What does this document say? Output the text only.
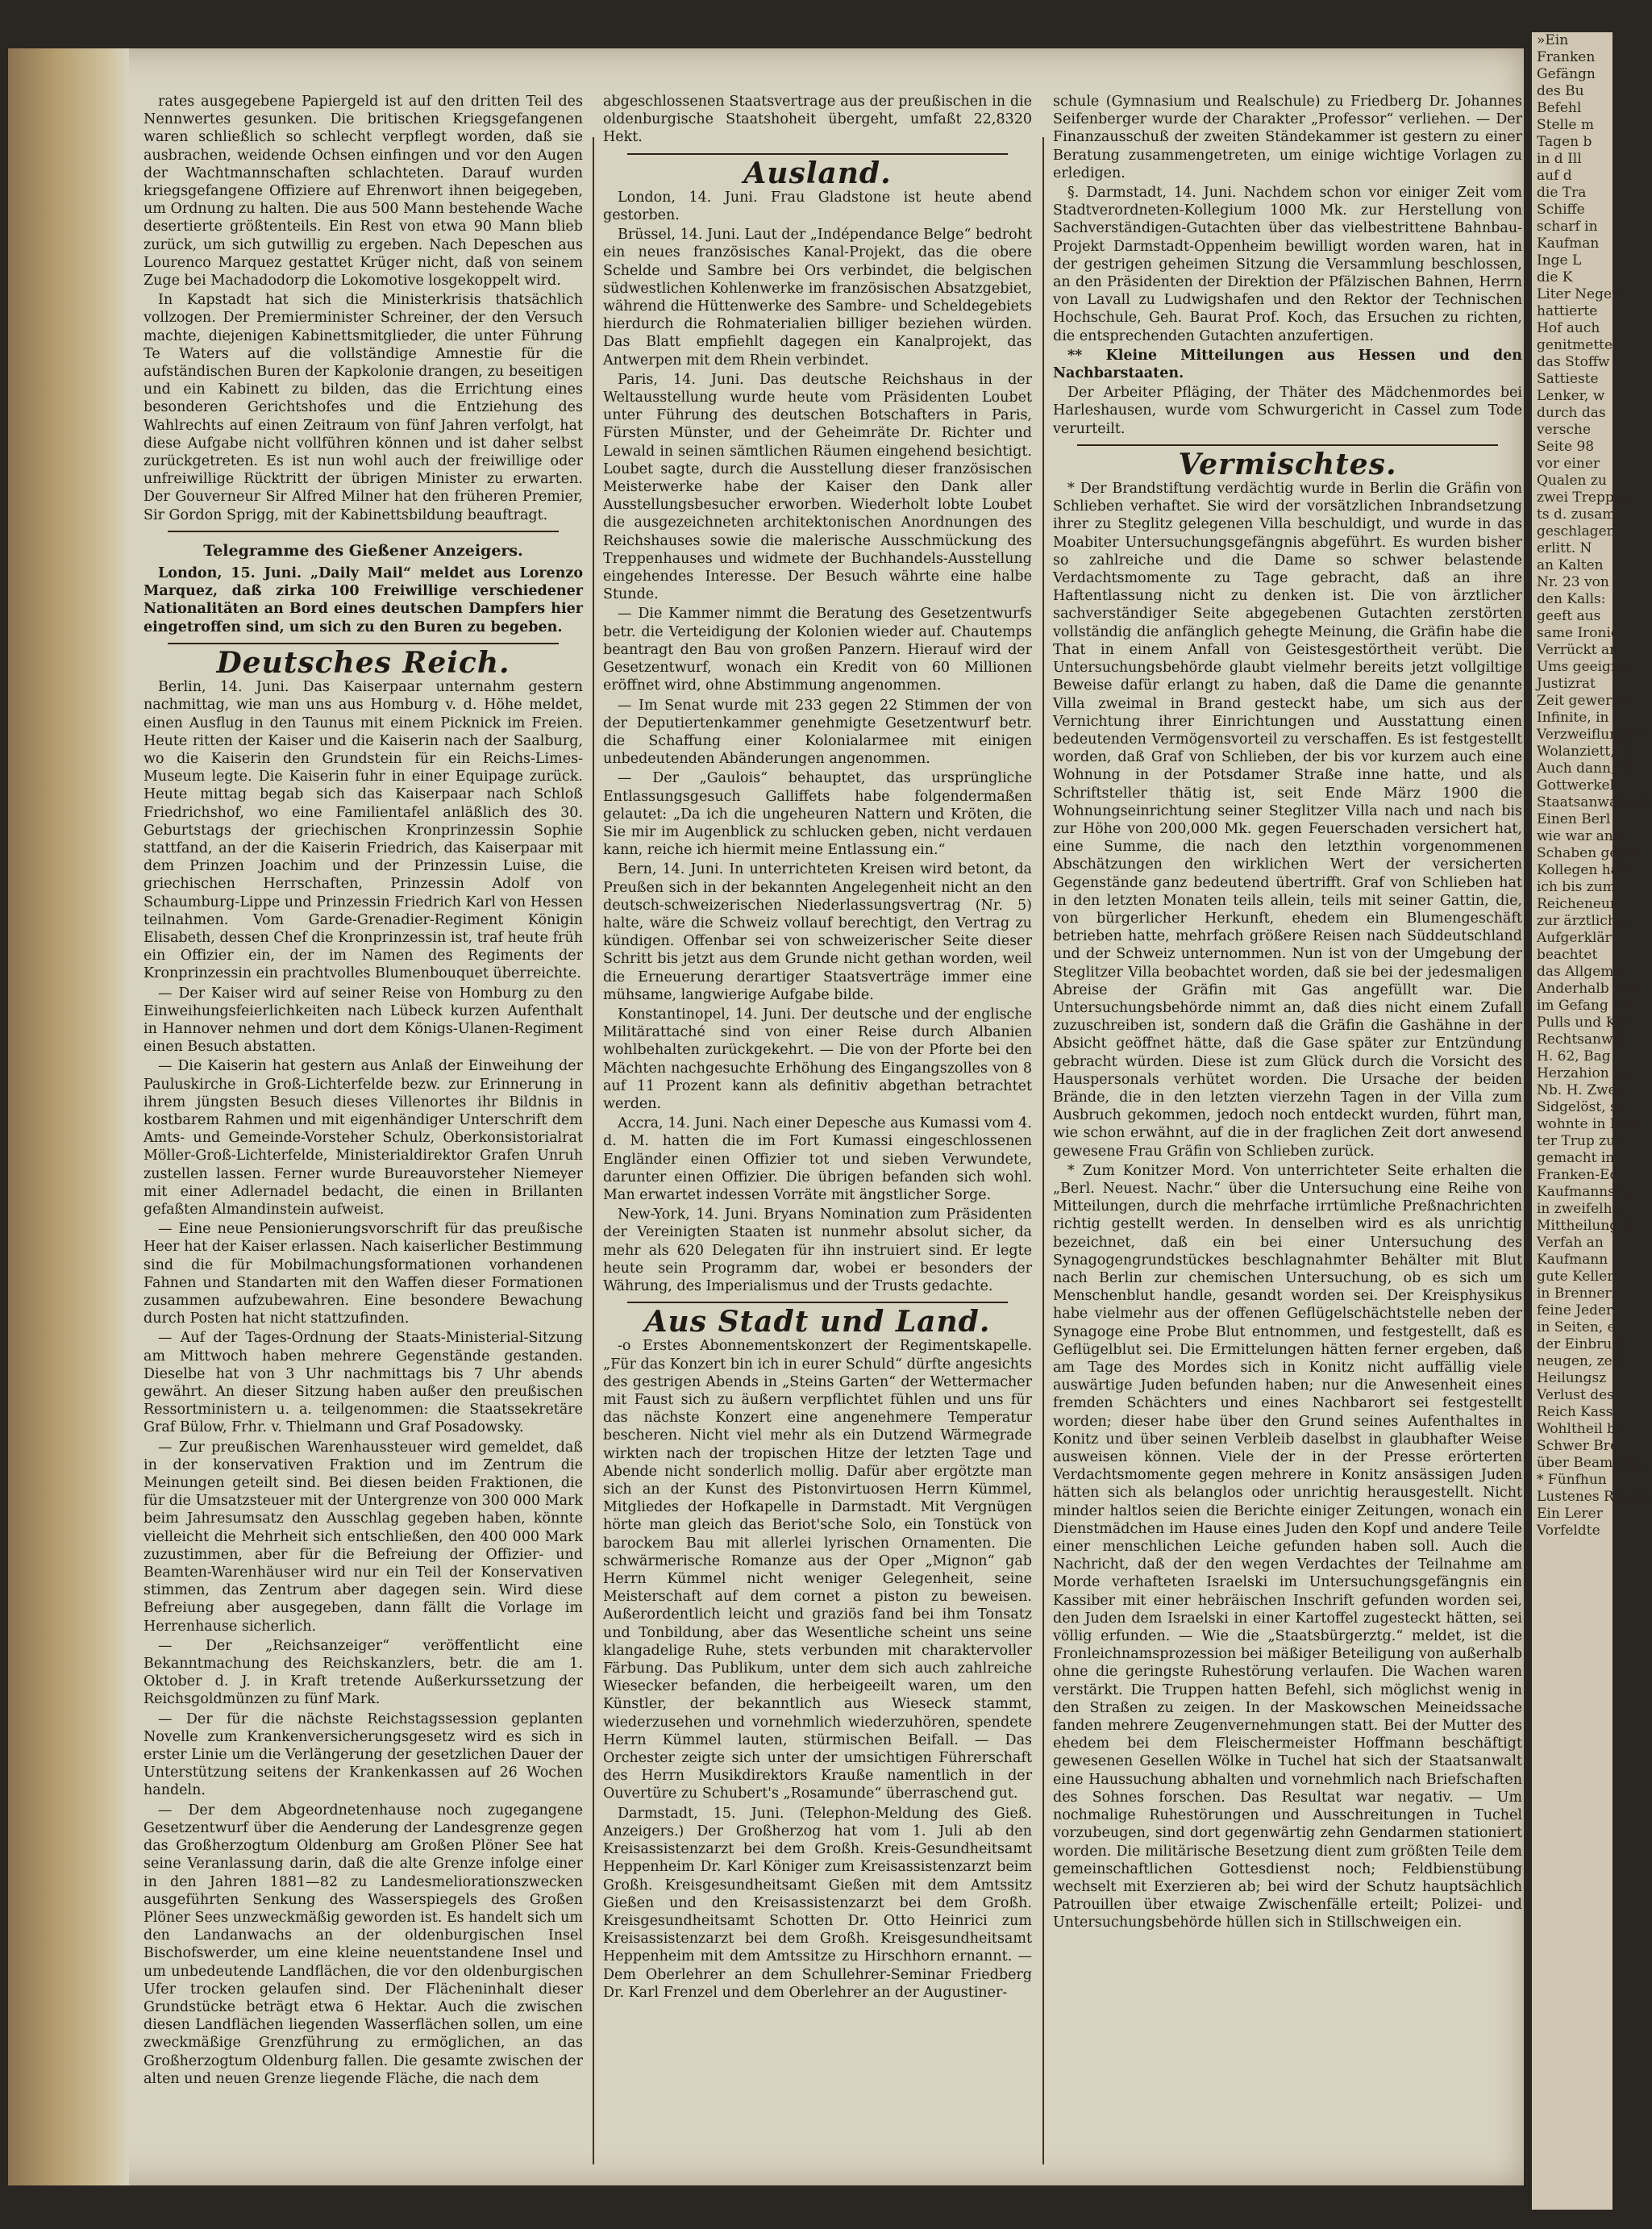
rates ausgegebene Papiergeld ist auf den dritten Teil des Nennwertes gesunken. Die britischen Kriegsgefangenen waren schließlich so schlecht verpflegt worden, daß sie ausbrachen, weidende Ochsen einfingen und vor den Augen der Wachtmannschaften schlachteten. Darauf wurden kriegsgefangene Offiziere auf Ehrenwort ihnen beigegeben, um Ordnung zu halten. Die aus 500 Mann bestehende Wache desertierte größtenteils. Ein Rest von etwa 90 Mann blieb zurück, um sich gutwillig zu ergeben. Nach Depeschen aus Lourenco Marquez gestattet Krüger nicht, daß von seinem Zuge bei Machadodorp die Lokomotive losgekoppelt wird.

In Kapstadt hat sich die Ministerkrisis thatsächlich vollzogen. Der Premierminister Schreiner, der den Versuch machte, diejenigen Kabinettsmitglieder, die unter Führung Te Waters auf die vollständige Amnestie für die aufständischen Buren der Kapkolonie drangen, zu beseitigen und ein Kabinett zu bilden, das die Errichtung eines besonderen Gerichtshofes und die Entziehung des Wahlrechts auf einen Zeitraum von fünf Jahren verfolgt, hat diese Aufgabe nicht vollführen können und ist daher selbst zurückgetreten. Es ist nun wohl auch der freiwillige oder unfreiwillige Rücktritt der übrigen Minister zu erwarten. Der Gouverneur Sir Alfred Milner hat den früheren Premier, Sir Gordon Sprigg, mit der Kabinettsbildung beauftragt.

Telegramme des Gießener Anzeigers.

London, 15. Juni. „Daily Mail“ meldet aus Lorenzo Marquez, daß zirka 100 Freiwillige verschiedener Nationalitäten an Bord eines deutschen Dampfers hier eingetroffen sind, um sich zu den Buren zu begeben.

Deutsches Reich.

Berlin, 14. Juni. Das Kaiserpaar unternahm gestern nachmittag, wie man uns aus Homburg v. d. Höhe meldet, einen Ausflug in den Taunus mit einem Picknick im Freien. Heute ritten der Kaiser und die Kaiserin nach der Saalburg, wo die Kaiserin den Grundstein für ein Reichs-Limes-Museum legte. Die Kaiserin fuhr in einer Equipage zurück. Heute mittag begab sich das Kaiserpaar nach Schloß Friedrichshof, wo eine Familientafel anläßlich des 30. Geburtstags der griechischen Kronprinzessin Sophie stattfand, an der die Kaiserin Friedrich, das Kaiserpaar mit dem Prinzen Joachim und der Prinzessin Luise, die griechischen Herrschaften, Prinzessin Adolf von Schaumburg-Lippe und Prinzessin Friedrich Karl von Hessen teilnahmen. Vom Garde-Grenadier-Regiment Königin Elisabeth, dessen Chef die Kronprinzessin ist, traf heute früh ein Offizier ein, der im Namen des Regiments der Kronprinzessin ein prachtvolles Blumenbouquet überreichte.

— Der Kaiser wird auf seiner Reise von Homburg zu den Einweihungsfeierlichkeiten nach Lübeck kurzen Aufenthalt in Hannover nehmen und dort dem Königs-Ulanen-Regiment einen Besuch abstatten.

— Die Kaiserin hat gestern aus Anlaß der Einweihung der Pauluskirche in Groß-Lichterfelde bezw. zur Erinnerung in ihrem jüngsten Besuch dieses Villenortes ihr Bildnis in kostbarem Rahmen und mit eigenhändiger Unterschrift dem Amts- und Gemeinde-Vorsteher Schulz, Oberkonsistorialrat Möller-Groß-Lichterfelde, Ministerialdirektor Grafen Unruh zustellen lassen. Ferner wurde Bureauvorsteher Niemeyer mit einer Adlernadel bedacht, die einen in Brillanten gefaßten Almandinstein aufweist.

— Eine neue Pensionierungsvorschrift für das preußische Heer hat der Kaiser erlassen. Nach kaiserlicher Bestimmung sind die für Mobilmachungsformationen vorhandenen Fahnen und Standarten mit den Waffen dieser Formationen zusammen aufzubewahren. Eine besondere Bewachung durch Posten hat nicht stattzufinden.

— Auf der Tages-Ordnung der Staats-Ministerial-Sitzung am Mittwoch haben mehrere Gegenstände gestanden. Dieselbe hat von 3 Uhr nachmittags bis 7 Uhr abends gewährt. An dieser Sitzung haben außer den preußischen Ressortministern u. a. teilgenommen: die Staatssekretäre Graf Bülow, Frhr. v. Thielmann und Graf Posadowsky.

— Zur preußischen Warenhaussteuer wird gemeldet, daß in der konservativen Fraktion und im Zentrum die Meinungen geteilt sind. Bei diesen beiden Fraktionen, die für die Umsatzsteuer mit der Untergrenze von 300 000 Mark beim Jahresumsatz den Ausschlag gegeben haben, könnte vielleicht die Mehrheit sich entschließen, den 400 000 Mark zuzustimmen, aber für die Befreiung der Offizier- und Beamten-Warenhäuser wird nur ein Teil der Konservativen stimmen, das Zentrum aber dagegen sein. Wird diese Befreiung aber ausgegeben, dann fällt die Vorlage im Herrenhause sicherlich.

— Der „Reichsanzeiger“ veröffentlicht eine Bekanntmachung des Reichskanzlers, betr. die am 1. Oktober d. J. in Kraft tretende Außerkurssetzung der Reichsgoldmünzen zu fünf Mark.

— Der für die nächste Reichstagssession geplanten Novelle zum Krankenversicherungsgesetz wird es sich in erster Linie um die Verlängerung der gesetzlichen Dauer der Unterstützung seitens der Krankenkassen auf 26 Wochen handeln.

— Der dem Abgeordnetenhause noch zugegangene Gesetzentwurf über die Aenderung der Landesgrenze gegen das Großherzogtum Oldenburg am Großen Plöner See hat seine Veranlassung darin, daß die alte Grenze infolge einer in den Jahren 1881—82 zu Landesmeliorationszwecken ausgeführten Senkung des Wasserspiegels des Großen Plöner Sees unzweckmäßig geworden ist. Es handelt sich um den Landanwachs an der oldenburgischen Insel Bischofswerder, um eine kleine neuentstandene Insel und um unbedeutende Landflächen, die vor den oldenburgischen Ufer trocken gelaufen sind. Der Flächeninhalt dieser Grundstücke beträgt etwa 6 Hektar. Auch die zwischen diesen Landflächen liegenden Wasserflächen sollen, um eine zweckmäßige Grenzführung zu ermöglichen, an das Großherzogtum Oldenburg fallen. Die gesamte zwischen der alten und neuen Grenze liegende Fläche, die nach dem

abgeschlossenen Staatsvertrage aus der preußischen in die oldenburgische Staatshoheit übergeht, umfaßt 22,8320 Hekt.

Ausland.

London, 14. Juni. Frau Gladstone ist heute abend gestorben.

Brüssel, 14. Juni. Laut der „Indépendance Belge“ bedroht ein neues französisches Kanal-Projekt, das die obere Schelde und Sambre bei Ors verbindet, die belgischen südwestlichen Kohlenwerke im französischen Absatzgebiet, während die Hüttenwerke des Sambre- und Scheldegebiets hierdurch die Rohmaterialien billiger beziehen würden. Das Blatt empfiehlt dagegen ein Kanalprojekt, das Antwerpen mit dem Rhein verbindet.

Paris, 14. Juni. Das deutsche Reichshaus in der Weltausstellung wurde heute vom Präsidenten Loubet unter Führung des deutschen Botschafters in Paris, Fürsten Münster, und der Geheimräte Dr. Richter und Lewald in seinen sämtlichen Räumen eingehend besichtigt. Loubet sagte, durch die Ausstellung dieser französischen Meisterwerke habe der Kaiser den Dank aller Ausstellungsbesucher erworben. Wiederholt lobte Loubet die ausgezeichneten architektonischen Anordnungen des Reichshauses sowie die malerische Ausschmückung des Treppenhauses und widmete der Buchhandels-Ausstellung eingehendes Interesse. Der Besuch währte eine halbe Stunde.

— Die Kammer nimmt die Beratung des Gesetzentwurfs betr. die Verteidigung der Kolonien wieder auf. Chautemps beantragt den Bau von großen Panzern. Hierauf wird der Gesetzentwurf, wonach ein Kredit von 60 Millionen eröffnet wird, ohne Abstimmung angenommen.

— Im Senat wurde mit 233 gegen 22 Stimmen der von der Deputiertenkammer genehmigte Gesetzentwurf betr. die Schaffung einer Kolonialarmee mit einigen unbedeutenden Abänderungen angenommen.

— Der „Gaulois“ behauptet, das ursprüngliche Entlassungsgesuch Galliffets habe folgendermaßen gelautet: „Da ich die ungeheuren Nattern und Kröten, die Sie mir im Augenblick zu schlucken geben, nicht verdauen kann, reiche ich hiermit meine Entlassung ein.“

Bern, 14. Juni. In unterrichteten Kreisen wird betont, da Preußen sich in der bekannten Angelegenheit nicht an den deutsch-schweizerischen Niederlassungsvertrag (Nr. 5) halte, wäre die Schweiz vollauf berechtigt, den Vertrag zu kündigen. Offenbar sei von schweizerischer Seite dieser Schritt bis jetzt aus dem Grunde nicht gethan worden, weil die Erneuerung derartiger Staatsverträge immer eine mühsame, langwierige Aufgabe bilde.

Konstantinopel, 14. Juni. Der deutsche und der englische Militärattaché sind von einer Reise durch Albanien wohlbehalten zurückgekehrt. — Die von der Pforte bei den Mächten nachgesuchte Erhöhung des Eingangszolles von 8 auf 11 Prozent kann als definitiv abgethan betrachtet werden.

Accra, 14. Juni. Nach einer Depesche aus Kumassi vom 4. d. M. hatten die im Fort Kumassi eingeschlossenen Engländer einen Offizier tot und sieben Verwundete, darunter einen Offizier. Die übrigen befanden sich wohl. Man erwartet indessen Vorräte mit ängstlicher Sorge.

New-York, 14. Juni. Bryans Nomination zum Präsidenten der Vereinigten Staaten ist nunmehr absolut sicher, da mehr als 620 Delegaten für ihn instruiert sind. Er legte heute sein Programm dar, wobei er besonders der Währung, des Imperialismus und der Trusts gedachte.

Aus Stadt und Land.

-o Erstes Abonnementskonzert der Regimentskapelle. „Für das Konzert bin ich in eurer Schuld“ dürfte angesichts des gestrigen Abends in „Steins Garten“ der Wettermacher mit Faust sich zu äußern verpflichtet fühlen und uns für das nächste Konzert eine angenehmere Temperatur bescheren. Nicht viel mehr als ein Dutzend Wärmegrade wirkten nach der tropischen Hitze der letzten Tage und Abende nicht sonderlich mollig. Dafür aber ergötzte man sich an der Kunst des Pistonvirtuosen Herrn Kümmel, Mitgliedes der Hofkapelle in Darmstadt. Mit Vergnügen hörte man gleich das Beriot'sche Solo, ein Tonstück von barockem Bau mit allerlei lyrischen Ornamenten. Die schwärmerische Romanze aus der Oper „Mignon“ gab Herrn Kümmel nicht weniger Gelegenheit, seine Meisterschaft auf dem cornet a piston zu beweisen. Außerordentlich leicht und graziös fand bei ihm Tonsatz und Tonbildung, aber das Wesentliche scheint uns seine klangadelige Ruhe, stets verbunden mit charaktervoller Färbung. Das Publikum, unter dem sich auch zahlreiche Wiesecker befanden, die herbeigeeilt waren, um den Künstler, der bekanntlich aus Wieseck stammt, wiederzusehen und vornehmlich wiederzuhören, spendete Herrn Kümmel lauten, stürmischen Beifall. — Das Orchester zeigte sich unter der umsichtigen Führerschaft des Herrn Musikdirektors Krauße namentlich in der Ouvertüre zu Schubert's „Rosamunde“ überraschend gut.

Darmstadt, 15. Juni. (Telephon-Meldung des Gieß. Anzeigers.) Der Großherzog hat vom 1. Juli ab den Kreisassistenzarzt bei dem Großh. Kreis-Gesundheitsamt Heppenheim Dr. Karl Königer zum Kreisassistenzarzt beim Großh. Kreisgesundheitsamt Gießen mit dem Amtssitz Gießen und den Kreisassistenzarzt bei dem Großh. Kreisgesundheitsamt Schotten Dr. Otto Heinrici zum Kreisassistenzarzt bei dem Großh. Kreisgesundheitsamt Heppenheim mit dem Amtssitze zu Hirschhorn ernannt. — Dem Oberlehrer an dem Schullehrer-Seminar Friedberg Dr. Karl Frenzel und dem Oberlehrer an der Augustiner-

schule (Gymnasium und Realschule) zu Friedberg Dr. Johannes Seifenberger wurde der Charakter „Professor“ verliehen. — Der Finanzausschuß der zweiten Ständekammer ist gestern zu einer Beratung zusammengetreten, um einige wichtige Vorlagen zu erledigen.

§. Darmstadt, 14. Juni. Nachdem schon vor einiger Zeit vom Stadtverordneten-Kollegium 1000 Mk. zur Herstellung von Sachverständigen-Gutachten über das vielbestrittene Bahnbau-Projekt Darmstadt-Oppenheim bewilligt worden waren, hat in der gestrigen geheimen Sitzung die Versammlung beschlossen, an den Präsidenten der Direktion der Pfälzischen Bahnen, Herrn von Lavall zu Ludwigshafen und den Rektor der Technischen Hochschule, Geh. Baurat Prof. Koch, das Ersuchen zu richten, die entsprechenden Gutachten anzufertigen.

** Kleine Mitteilungen aus Hessen und den Nachbarstaaten.

Der Arbeiter Pfläging, der Thäter des Mädchenmordes bei Harleshausen, wurde vom Schwurgericht in Cassel zum Tode verurteilt.

Vermischtes.

* Der Brandstiftung verdächtig wurde in Berlin die Gräfin von Schlieben verhaftet. Sie wird der vorsätzlichen Inbrandsetzung ihrer zu Steglitz gelegenen Villa beschuldigt, und wurde in das Moabiter Untersuchungsgefängnis abgeführt. Es wurden bisher so zahlreiche und die Dame so schwer belastende Verdachtsmomente zu Tage gebracht, daß an ihre Haftentlassung nicht zu denken ist. Die von ärztlicher sachverständiger Seite abgegebenen Gutachten zerstörten vollständig die anfänglich gehegte Meinung, die Gräfin habe die That in einem Anfall von Geistesgestörtheit verübt. Die Untersuchungsbehörde glaubt vielmehr bereits jetzt vollgiltige Beweise dafür erlangt zu haben, daß die Dame die genannte Villa zweimal in Brand gesteckt habe, um sich aus der Vernichtung ihrer Einrichtungen und Ausstattung einen bedeutenden Vermögensvorteil zu verschaffen. Es ist festgestellt worden, daß Graf von Schlieben, der bis vor kurzem auch eine Wohnung in der Potsdamer Straße inne hatte, und als Schriftsteller thätig ist, seit Ende März 1900 die Wohnungseinrichtung seiner Steglitzer Villa nach und nach bis zur Höhe von 200,000 Mk. gegen Feuerschaden versichert hat, eine Summe, die nach den letzthin vorgenommenen Abschätzungen den wirklichen Wert der versicherten Gegenstände ganz bedeutend übertrifft. Graf von Schlieben hat in den letzten Monaten teils allein, teils mit seiner Gattin, die, von bürgerlicher Herkunft, ehedem ein Blumengeschäft betrieben hatte, mehrfach größere Reisen nach Süddeutschland und der Schweiz unternommen. Nun ist von der Umgebung der Steglitzer Villa beobachtet worden, daß sie bei der jedesmaligen Abreise der Gräfin mit Gas angefüllt war. Die Untersuchungsbehörde nimmt an, daß dies nicht einem Zufall zuzuschreiben ist, sondern daß die Gräfin die Gashähne in der Absicht geöffnet hätte, daß die Gase später zur Entzündung gebracht würden. Diese ist zum Glück durch die Vorsicht des Hauspersonals verhütet worden. Die Ursache der beiden Brände, die in den letzten vierzehn Tagen in der Villa zum Ausbruch gekommen, jedoch noch entdeckt wurden, führt man, wie schon erwähnt, auf die in der fraglichen Zeit dort anwesend gewesene Frau Gräfin von Schlieben zurück.

* Zum Konitzer Mord. Von unterrichteter Seite erhalten die „Berl. Neuest. Nachr.“ über die Untersuchung eine Reihe von Mitteilungen, durch die mehrfache irrtümliche Preßnachrichten richtig gestellt werden. In denselben wird es als unrichtig bezeichnet, daß ein bei einer Untersuchung des Synagogengrundstückes beschlagnahmter Behälter mit Blut nach Berlin zur chemischen Untersuchung, ob es sich um Menschenblut handle, gesandt worden sei. Der Kreisphysikus habe vielmehr aus der offenen Geflügelschächtstelle neben der Synagoge eine Probe Blut entnommen, und festgestellt, daß es Geflügelblut sei. Die Ermittelungen hätten ferner ergeben, daß am Tage des Mordes sich in Konitz nicht auffällig viele auswärtige Juden befunden haben; nur die Anwesenheit eines fremden Schächters und eines Nachbarort sei festgestellt worden; dieser habe über den Grund seines Aufenthaltes in Konitz und über seinen Verbleib daselbst in glaubhafter Weise ausweisen können. Viele der in der Presse erörterten Verdachtsmomente gegen mehrere in Konitz ansässigen Juden hätten sich als belanglos oder unrichtig herausgestellt. Nicht minder haltlos seien die Berichte einiger Zeitungen, wonach ein Dienstmädchen im Hause eines Juden den Kopf und andere Teile einer menschlichen Leiche gefunden haben soll. Auch die Nachricht, daß der den wegen Verdachtes der Teilnahme am Morde verhafteten Israelski im Untersuchungsgefängnis ein Kassiber mit einer hebräischen Inschrift gefunden worden sei, den Juden dem Israelski in einer Kartoffel zugesteckt hätten, sei völlig erfunden. — Wie die „Staatsbürgerztg.“ meldet, ist die Fronleichnamsprozession bei mäßiger Beteiligung von außerhalb ohne die geringste Ruhestörung verlaufen. Die Wachen waren verstärkt. Die Truppen hatten Befehl, sich möglichst wenig in den Straßen zu zeigen. In der Maskowschen Meineidssache fanden mehrere Zeugenvernehmungen statt. Bei der Mutter des ehedem bei dem Fleischermeister Hoffmann beschäftigt gewesenen Gesellen Wölke in Tuchel hat sich der Staatsanwalt eine Haussuchung abhalten und vornehmlich nach Briefschaften des Sohnes forschen. Das Resultat war negativ. — Um nochmalige Ruhestörungen und Ausschreitungen in Tuchel vorzubeugen, sind dort gegenwärtig zehn Gendarmen stationiert worden. Die militärische Besetzung dient zum größten Teile dem gemeinschaftlichen Gottesdienst noch; Feldbienstübung wechselt mit Exerzieren ab; bei wird der Schutz hauptsächlich Patrouillen über etwaige Zwischenfälle erteilt; Polizei- und Untersuchungsbehörde hüllen sich in Stillschweigen ein.

»Ein
Franken
Gefängn
des Bu
Befehl
Stelle m
Tagen b
in d Ill
auf d
die Tra
Schiffe
scharf in
Kaufman
Inge L
die K
Liter Negen
hattierte
Hof auch
genitmetter
das Stoffw
Sattieste
Lenker, w
durch das
versche
Seite 98
vor einer
Qualen zu
zwei Treppen
ts d. zusam
geschlagen
erlitt. N
an Kalten
Nr. 23 von
den Kalls:
geeft aus
same Ironie
Verrückt an
Ums geeignet
Justizrat
Zeit gewerien
Infinite, in
Verzweiflungsw
Wolanziett, un
Auch dann, Ill
Gottwerkelt
Staatsanwaltsch
Einen Berl
wie war ann
Schaben gegen
Kollegen hätt
ich bis zum
Reicheneun
zur ärztlicher
Aufgerklärt
beachtet
das Allgeme
Anderhalb Kell
im Gefang ter
Pulls und Ker
Rechtsanwal
H. 62, Bag
Herzahion we
Nb. H. Zwei
Sidgelöst, sa
wohnte in Iber
ter Trup zur
gemacht in
Franken-Ed
Kaufmanns Le
in zweifelha
Mittheilung b
Verfah an
Kaufmann
gute Keller
in Brenneri
feine Jeder
in Seiten, e
der Einbruch
neugen, zeit
Heilungsz
Verlust des
Reich Kass
Wohltheil bi
Schwer Bre
über Beamtung
* Fünfhun
Lustenes Regem
Ein Lerer
Vorfeldte
